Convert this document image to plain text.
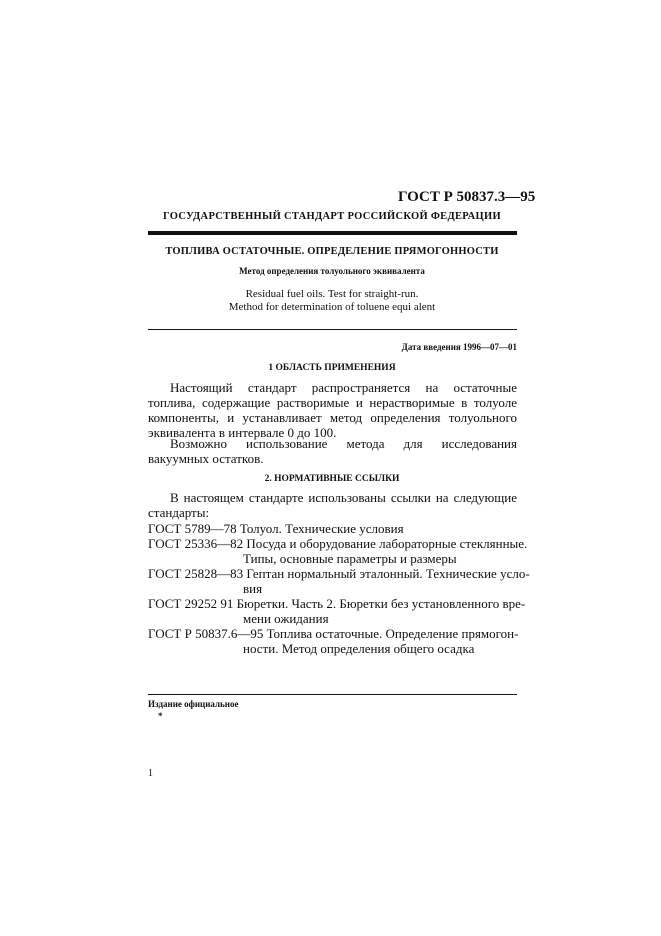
ГОСТ Р 50837.3—95
ГОСУДАРСТВЕННЫЙ СТАНДАРТ РОССИЙСКОЙ ФЕДЕРАЦИИ
ТОПЛИВА ОСТАТОЧНЫЕ. ОПРЕДЕЛЕНИЕ ПРЯМОГОННОСТИ
Метод определения толуольного эквивалента
Residual fuel oils. Test for straight-run.
Method for determination of toluene equi alent
Дата введения 1996—07—01
1 ОБЛАСТЬ ПРИМЕНЕНИЯ
Настоящий стандарт распространяется на остаточные топлива, содержащие растворимые и нерастворимые в толуоле компоненты, и устанавливает метод определения толуольного эквивалента в интервале 0 до 100.
Возможно использование метода для исследования вакуумных остатков.
2. НОРМАТИВНЫЕ ССЫЛКИ
В настоящем стандарте использованы ссылки на следующие стандарты:
ГОСТ 5789—78 Толуол. Технические условия
ГОСТ 25336—82 Посуда и оборудование лабораторные стеклянные.
Типы, основные параметры и размеры
ГОСТ 25828—83 Гептан нормальный эталонный. Технические усло-
вия
ГОСТ 29252 91 Бюретки. Часть 2. Бюретки без установленного вре-
мени ожидания
ГОСТ Р 50837.6—95 Топлива остаточные. Определение прямогон-
ности. Метод определения общего осадка
Издание официальное
*
1
